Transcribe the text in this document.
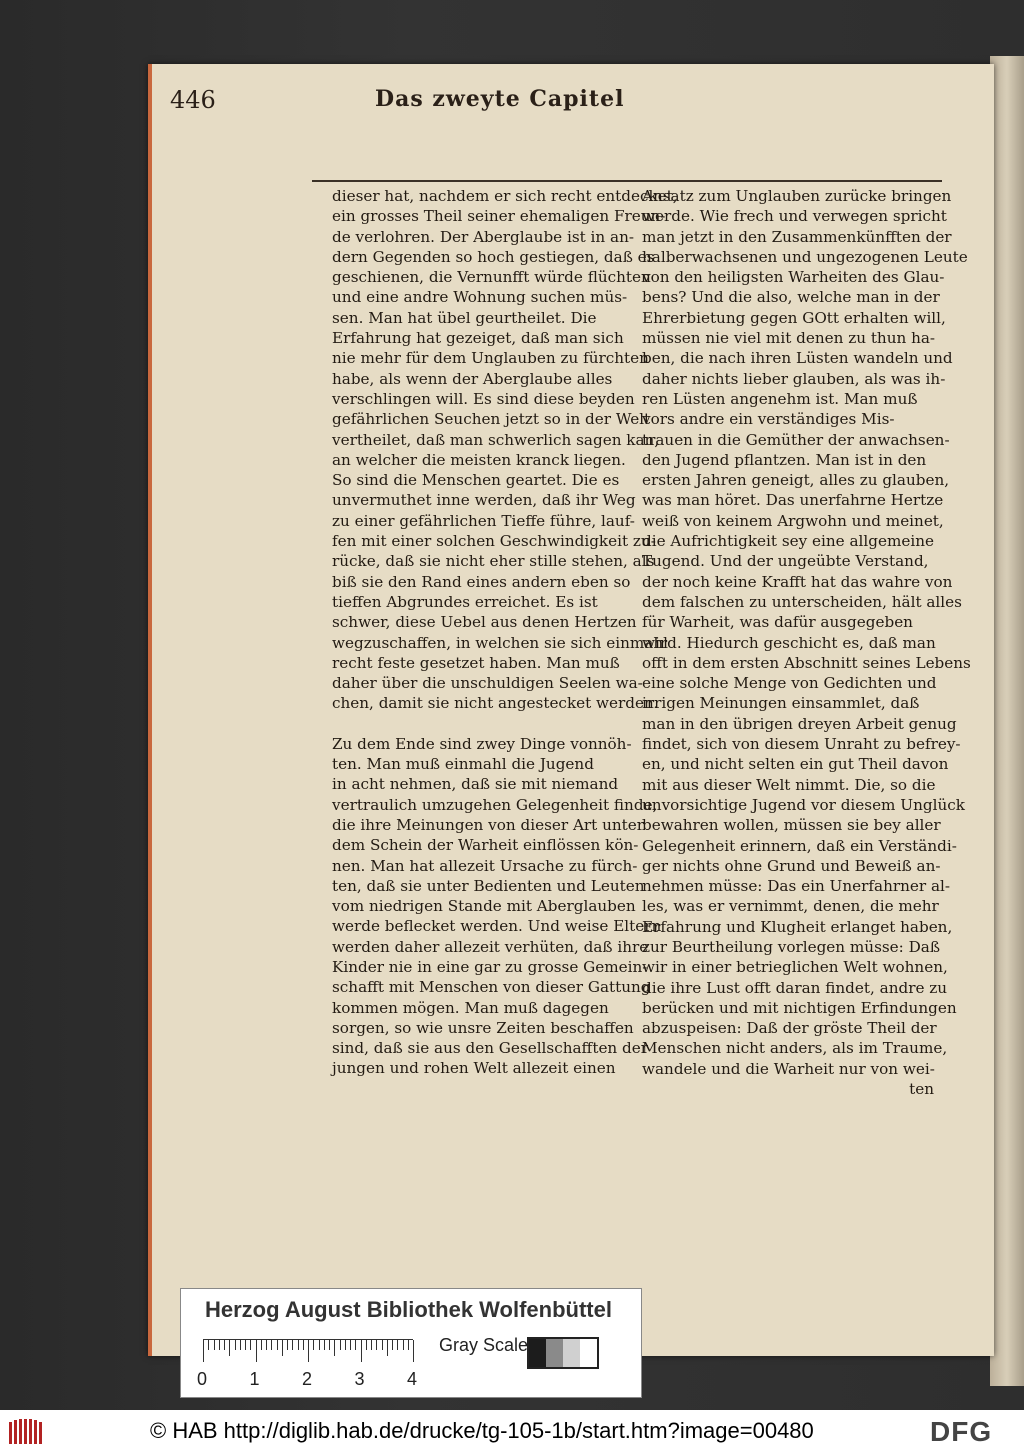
446	Das zweyte Capitel
dieser hat, nachdem er sich recht entdecket,
ein grosses Theil seiner ehemaligen Freun-
de verlohren. Der Aberglaube ist in an-
dern Gegenden so hoch gestiegen, daß es
geschienen, die Vernunfft würde flüchten
und eine andre Wohnung suchen müs-
sen. Man hat übel geurtheilet. Die
Erfahrung hat gezeiget, daß man sich
nie mehr für dem Unglauben zu fürchten
habe, als wenn der Aberglaube alles
verschlingen will. Es sind diese beyden
gefährlichen Seuchen jetzt so in der Welt
vertheilet, daß man schwerlich sagen kan,
an welcher die meisten kranck liegen.
So sind die Menschen geartet. Die es
unvermuthet inne werden, daß ihr Weg
zu einer gefährlichen Tieffe führe, lauf-
fen mit einer solchen Geschwindigkeit zu-
rücke, daß sie nicht eher stille stehen, als
biß sie den Rand eines andern eben so
tieffen Abgrundes erreichet. Es ist
schwer, diese Uebel aus denen Hertzen
wegzuschaffen, in welchen sie sich einmahl
recht feste gesetzet haben. Man muß
daher über die unschuldigen Seelen wa-
chen, damit sie nicht angestecket werden.
Zu dem Ende sind zwey Dinge vonnöh-
ten. Man muß einmahl die Jugend
in acht nehmen, daß sie mit niemand
vertraulich umzugehen Gelegenheit finde,
die ihre Meinungen von dieser Art unter
dem Schein der Warheit einflössen kön-
nen. Man hat allezeit Ursache zu fürch-
ten, daß sie unter Bedienten und Leuten
vom niedrigen Stande mit Aberglauben
werde beflecket werden. Und weise Eltern
werden daher allezeit verhüten, daß ihre
Kinder nie in eine gar zu grosse Gemein-
schafft mit Menschen von dieser Gattung
kommen mögen. Man muß dagegen
sorgen, so wie unsre Zeiten beschaffen
sind, daß sie aus den Gesellschafften der
jungen und rohen Welt allezeit einen
Ansatz zum Unglauben zurücke bringen
werde. Wie frech und verwegen spricht
man jetzt in den Zusammenkünfften der
halberwachsenen und ungezogenen Leute
von den heiligsten Warheiten des Glau-
bens? Und die also, welche man in der
Ehrerbietung gegen GOtt erhalten will,
müssen nie viel mit denen zu thun ha-
ben, die nach ihren Lüsten wandeln und
daher nichts lieber glauben, als was ih-
ren Lüsten angenehm ist. Man muß
vors andre ein verständiges Mis-
trauen in die Gemüther der anwachsen-
den Jugend pflantzen. Man ist in den
ersten Jahren geneigt, alles zu glauben,
was man höret. Das unerfahrne Hertze
weiß von keinem Argwohn und meinet,
die Aufrichtigkeit sey eine allgemeine
Tugend. Und der ungeübte Verstand,
der noch keine Krafft hat das wahre von
dem falschen zu unterscheiden, hält alles
für Warheit, was dafür ausgegeben
wird. Hiedurch geschicht es, daß man
offt in dem ersten Abschnitt seines Lebens
eine solche Menge von Gedichten und
irrigen Meinungen einsammlet, daß
man in den übrigen dreyen Arbeit genug
findet, sich von diesem Unraht zu befrey-
en, und nicht selten ein gut Theil davon
mit aus dieser Welt nimmt. Die, so die
unvorsichtige Jugend vor diesem Unglück
bewahren wollen, müssen sie bey aller
Gelegenheit erinnern, daß ein Verständi-
ger nichts ohne Grund und Beweiß an-
nehmen müsse: Das ein Unerfahrner al-
les, was er vernimmt, denen, die mehr
Erfahrung und Klugheit erlanget haben,
zur Beurtheilung vorlegen müsse: Daß
wir in einer betrieglichen Welt wohnen,
die ihre Lust offt daran findet, andre zu
berücken und mit nichtigen Erfindungen
abzuspeisen: Daß der gröste Theil der
Menschen nicht anders, als im Traume,
wandele und die Warheit nur von wei-
ten
Herzog August Bibliothek Wolfenbüttel
0 1 2 3 4
Gray Scale
© HAB http://diglib.hab.de/drucke/tg-105-1b/start.htm?image=00480	DFG
